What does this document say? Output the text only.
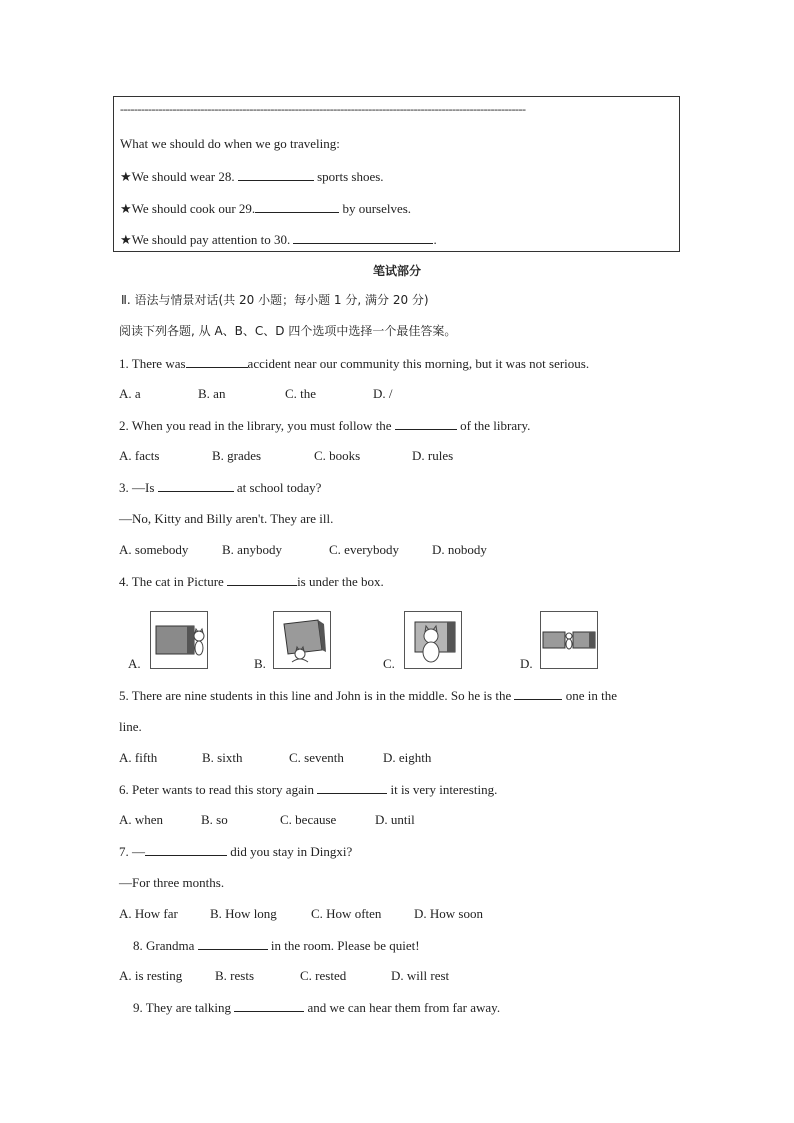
--------------------------------------------------------------------------------------------------------------------
What we should do when we go traveling:
★We should wear 28.	sports shoes.
★We should cook our 29.	by ourselves.
★We should pay attention to 30.	.
笔试部分
Ⅱ. 语法与情景对话(共 20 小题；每小题 1 分, 满分 20 分)
阅读下列各题, 从 A、B、C、D 四个选项中选择一个最佳答案。
1. There was	accident near our community this morning, but it was not serious.
A. a	B. an	C. the	D. /
2. When you read in the library, you must follow the	of the library.
A. facts	B. grades	C. books	D. rules
3. —Is	at school today?
—No, Kitty and Billy aren't. They are ill.
A. somebody	B. anybody	C. everybody	D. nobody
4. The cat in Picture	is under the box.
A.	B.	C.	D.
5. There are nine students in this line and John is in the middle. So he is the	one in the
line.
A. fifth	B. sixth	C. seventh	D. eighth
6. Peter wants to read this story again	it is very interesting.
A. when	B. so	C. because	D. until
7. —	did you stay in Dingxi?
—For three months.
A. How far B. How long	C. How often	D. How soon
8. Grandma	in the room. Please be quiet!
A. is resting	B. rests	C. rested	D. will rest
9. They are talking	and we can hear them from far away.
